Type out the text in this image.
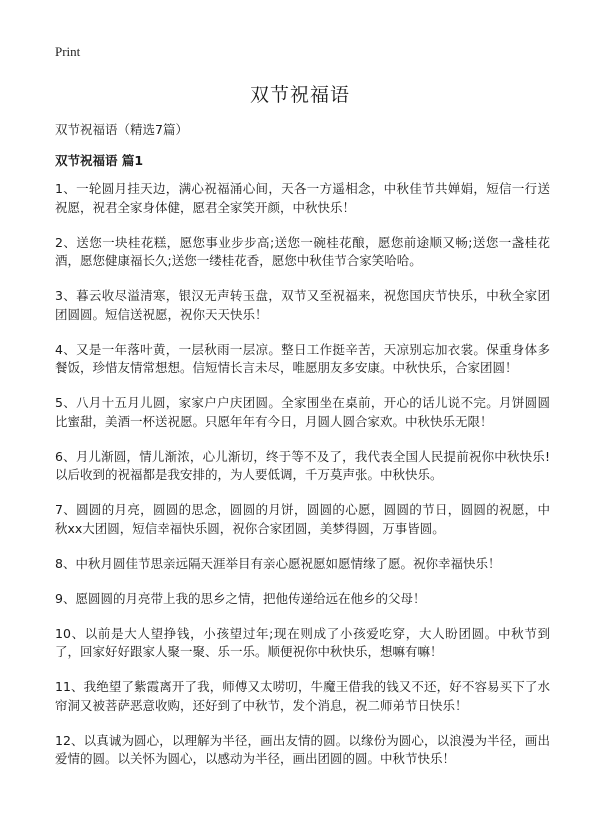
Print
双节祝福语
双节祝福语（精选7篇）
双节祝福语 篇1
1、一轮圆月挂天边，满心祝福涌心间，天各一方遥相念，中秋佳节共婵娟，短信一行送祝愿，祝君全家身体健，愿君全家笑开颜，中秋快乐！
2、送您一块桂花糕，愿您事业步步高;送您一碗桂花酿，愿您前途顺又畅;送您一盏桂花酒，愿您健康福长久;送您一缕桂花香，愿您中秋佳节合家笑哈哈。
3、暮云收尽溢清寒，银汉无声转玉盘，双节又至祝福来，祝您国庆节快乐，中秋全家团团圆圆。短信送祝愿，祝你天天快乐！
4、又是一年落叶黄，一层秋雨一层凉。整日工作挺辛苦，天凉别忘加衣裳。保重身体多餐饭，珍惜友情常想想。信短情长言未尽，唯愿朋友多安康。中秋快乐，合家团圆！
5、八月十五月儿圆，家家户户庆团圆。全家围坐在桌前，开心的话儿说不完。月饼圆圆比蜜甜，美酒一杯送祝愿。只愿年年有今日，月圆人圆合家欢。中秋快乐无限！
6、月儿渐圆，情儿渐浓，心儿渐切，终于等不及了，我代表全国人民提前祝你中秋快乐!以后收到的祝福都是我安排的，为人要低调，千万莫声张。中秋快乐。
7、圆圆的月亮，圆圆的思念，圆圆的月饼，圆圆的心愿，圆圆的节日，圆圆的祝愿，中秋xx大团圆，短信幸福快乐圆，祝你合家团圆，美梦得圆，万事皆圆。
8、中秋月圆佳节思亲远隔天涯举目有亲心愿祝愿如愿情缘了愿。祝你幸福快乐！
9、愿圆圆的月亮带上我的思乡之情，把他传递给远在他乡的父母！
10、以前是大人望挣钱，小孩望过年;现在则成了小孩爱吃穿，大人盼团圆。中秋节到了，回家好好跟家人聚一聚、乐一乐。顺便祝你中秋快乐，想嘛有嘛！
11、我绝望了紫霞离开了我，师傅又太唠叨，牛魔王借我的钱又不还，好不容易买下了水帘洞又被菩萨恶意收购，还好到了中秋节，发个消息，祝二师弟节日快乐！
12、以真诚为圆心，以理解为半径，画出友情的圆。以缘份为圆心，以浪漫为半径，画出爱情的圆。以关怀为圆心，以感动为半径，画出团圆的圆。中秋节快乐！
